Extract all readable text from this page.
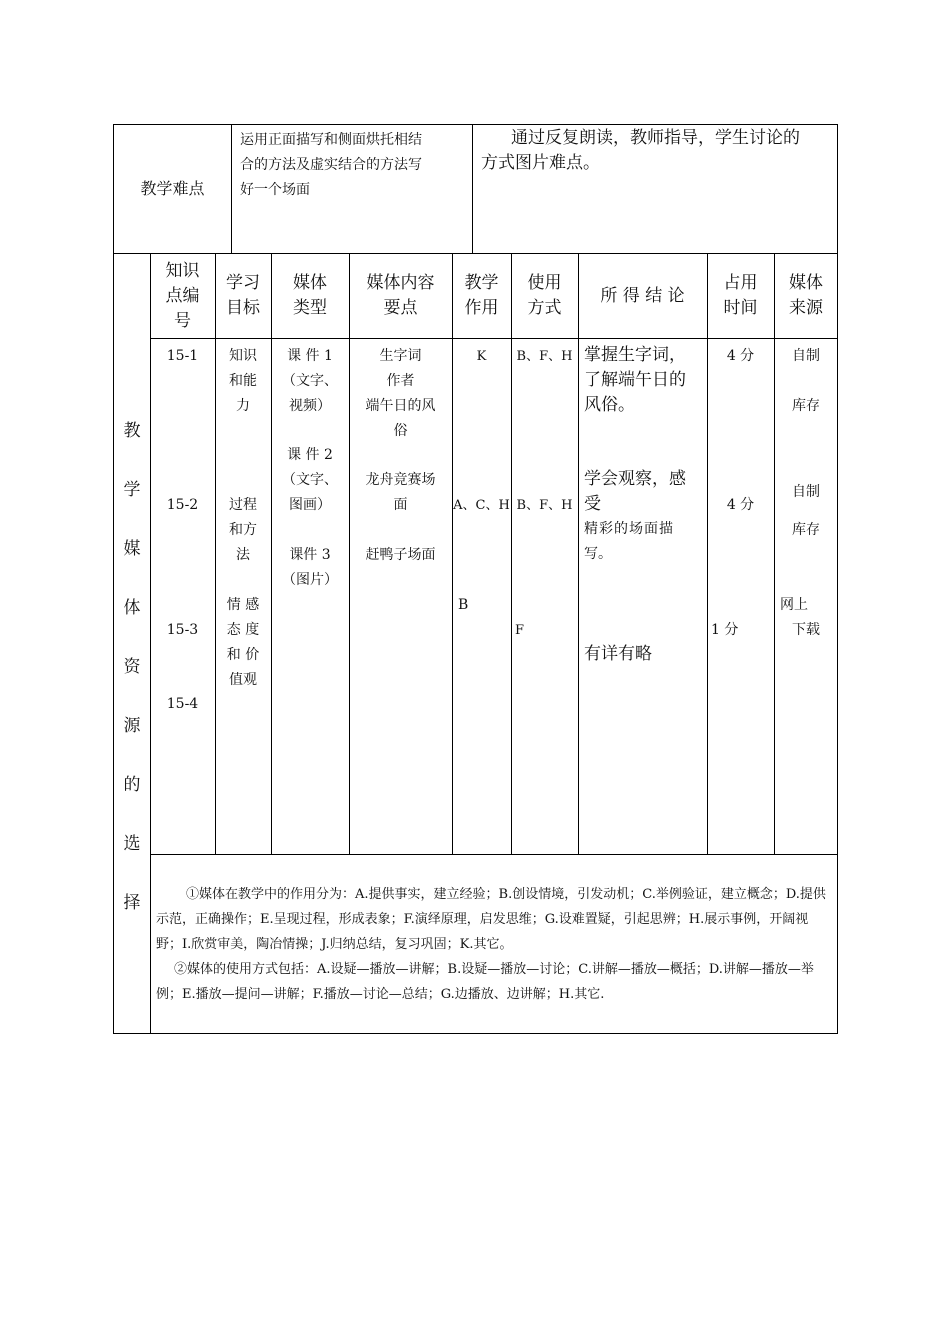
教学难点
运用正面描写和侧面烘托相结
合的方法及虚实结合的方法写
好一个场面
通过反复朗读，教师指导，学生讨论的
方式图片难点。
教
学
媒
体
资
源
的
选
择
知识
点编
号
学习
目标
媒体
类型
媒体内容
要点
教学
作用
使用
方式
所 得 结 论
占用
时间
媒体
来源
15-1
15-2
15-3
15-4
知识
和能
力
过程
和方
法
情 感
态 度
和 价
值观
课 件 1
（文字、
视频）
课 件 2
（文字、
图画）
课件 3
（图片）
生字词
作者
端午日的风
俗
龙舟竞赛场
面
赶鸭子场面
K
A、C、H
B
B、F、H
B、F、H
F
掌握生字词，
了解端午日的
风俗。
学会观察，感
受
精彩的场面描
写。
有详有略
4 分
4 分
1 分
自制
库存
自制
库存
网上
下载
①媒体在教学中的作用分为：A.提供事实，建立经验；B.创设情境，引发动机；C.举例验证，建立概念；D.提供示范，正确操作；E.呈现过程，形成表象；F.演绎原理，启发思维；G.设难置疑，引起思辨；H.展示事例，开阔视野；I.欣赏审美，陶冶情操；J.归纳总结，复习巩固；K.其它。
②媒体的使用方式包括：A.设疑—播放—讲解；B.设疑—播放—讨论；C.讲解—播放—概括；D.讲解—播放—举例；E.播放—提问—讲解；F.播放—讨论—总结；G.边播放、边讲解；H.其它.
